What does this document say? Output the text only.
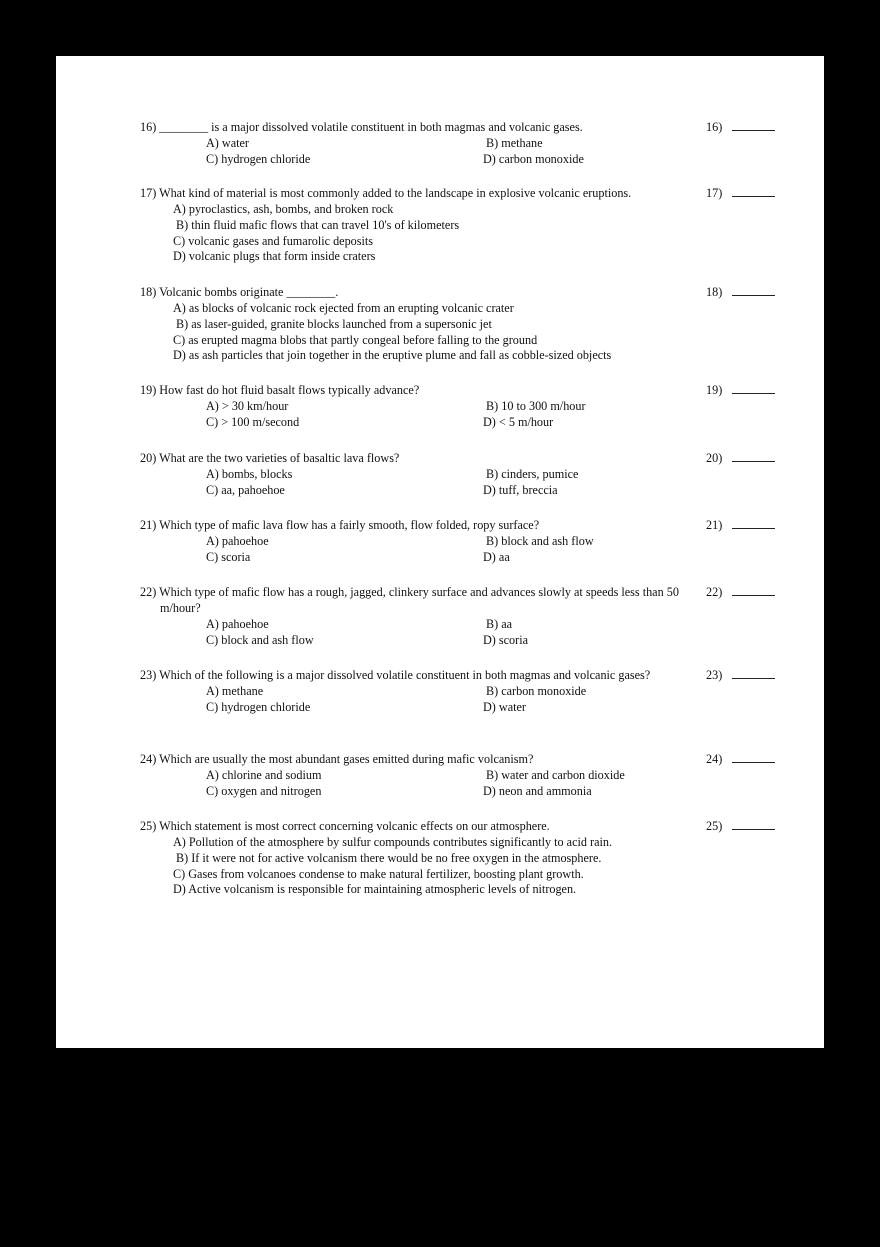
16) ________ is a major dissolved volatile constituent in both magmas and volcanic gases.	16)
A) water	B) methane
C) hydrogen chloride	D) carbon monoxide
17) What kind of material is most commonly added to the landscape in explosive volcanic eruptions.	17)
A) pyroclastics, ash, bombs, and broken rock
B) thin fluid mafic flows that can travel 10's of kilometers
C) volcanic gases and fumarolic deposits
D) volcanic plugs that form inside craters
18) Volcanic bombs originate ________.	18)
A) as blocks of volcanic rock ejected from an erupting volcanic crater
B) as laser-guided, granite blocks launched from a supersonic jet
C) as erupted magma blobs that partly congeal before falling to the ground
D) as ash particles that join together in the eruptive plume and fall as cobble-sized objects
19) How fast do hot fluid basalt flows typically advance?	19)
A) > 30 km/hour	B) 10 to 300 m/hour
C) > 100 m/second	D) < 5 m/hour
20) What are the two varieties of basaltic lava flows?	20)
A) bombs, blocks	B) cinders, pumice
C) aa, pahoehoe	D) tuff, breccia
21) Which type of mafic lava flow has a fairly smooth, flow folded, ropy surface?	21)
A) pahoehoe	B) block and ash flow
C) scoria	D) aa
22) Which type of mafic flow has a rough, jagged, clinkery surface and advances slowly at speeds less than 50 m/hour?
22)
A) pahoehoe	B) aa
C) block and ash flow	D) scoria
23) Which of the following is a major dissolved volatile constituent in both magmas and volcanic gases?	23)
A) methane	B) carbon monoxide
C) hydrogen chloride	D) water
24) Which are usually the most abundant gases emitted during mafic volcanism?	24)
A) chlorine and sodium	B) water and carbon dioxide
C) oxygen and nitrogen	D) neon and ammonia
25) Which statement is most correct concerning volcanic effects on our atmosphere.	25)
A) Pollution of the atmosphere by sulfur compounds contributes significantly to acid rain.
B) If it were not for active volcanism there would be no free oxygen in the atmosphere.
C) Gases from volcanoes condense to make natural fertilizer, boosting plant growth.
D) Active volcanism is responsible for maintaining atmospheric levels of nitrogen.
